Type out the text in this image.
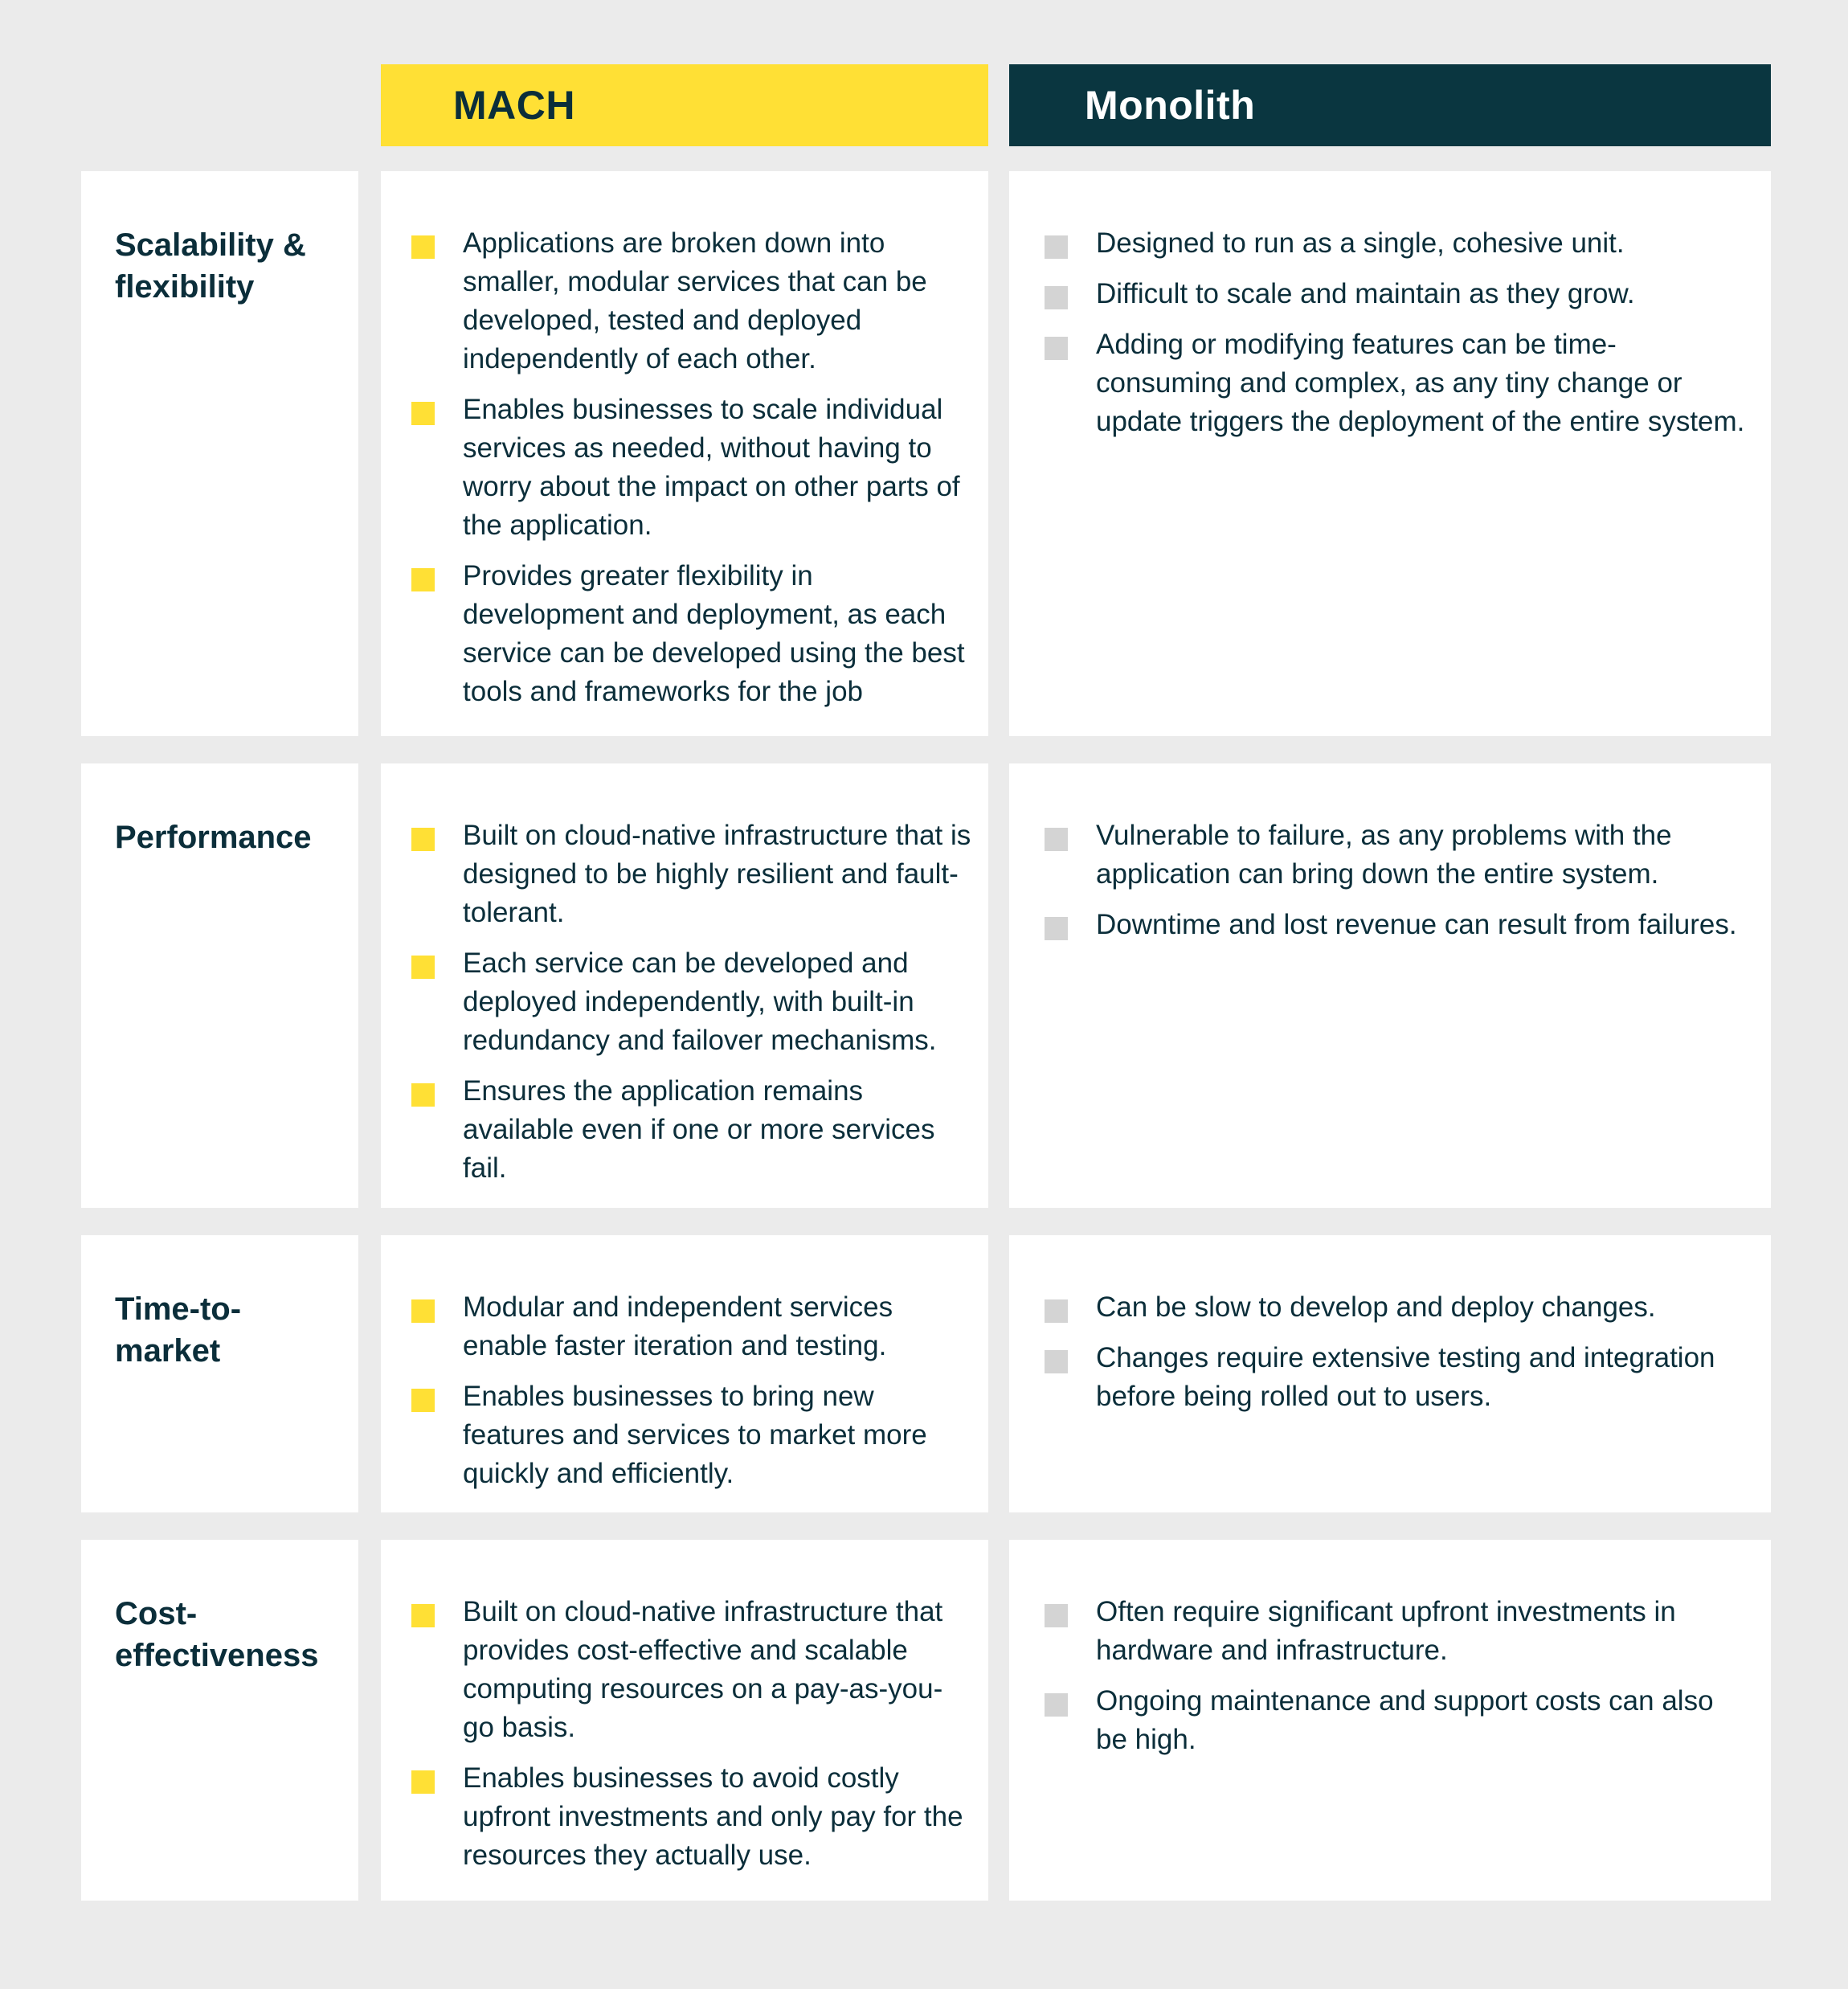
MACH	Monolith
Scalability & flexibility
Applications are broken down into smaller, modular services that can be developed, tested and deployed independently of each other.
Enables businesses to scale individual services as needed, without having to worry about the impact on other parts of the application.
Provides greater flexibility in development and deployment, as each service can be developed using the best tools and frameworks for the job
Designed to run as a single, cohesive unit.
Difficult to scale and maintain as they grow.
Adding or modifying features can be time-consuming and complex, as any tiny change or update triggers the deployment of the entire system.
Performance	Built on cloud-native infrastructure that is designed to be highly resilient and fault-tolerant.
Each service can be developed and deployed independently, with built-in redundancy and failover mechanisms.
Ensures the application remains available even if one or more services fail.
Vulnerable to failure, as any problems with the application can bring down the entire system.
Downtime and lost revenue can result from failures.
Time-to-market
Modular and independent services enable faster iteration and testing.
Enables businesses to bring new features and services to market more quickly and efficiently.
Can be slow to develop and deploy changes.
Changes require extensive testing and integration before being rolled out to users.
Cost-effectiveness
Built on cloud-native infrastructure that provides cost-effective and scalable computing resources on a pay-as-you-go basis.
Enables businesses to avoid costly upfront investments and only pay for the resources they actually use.
Often require significant upfront investments in hardware and infrastructure.
Ongoing maintenance and support costs can also be high.
